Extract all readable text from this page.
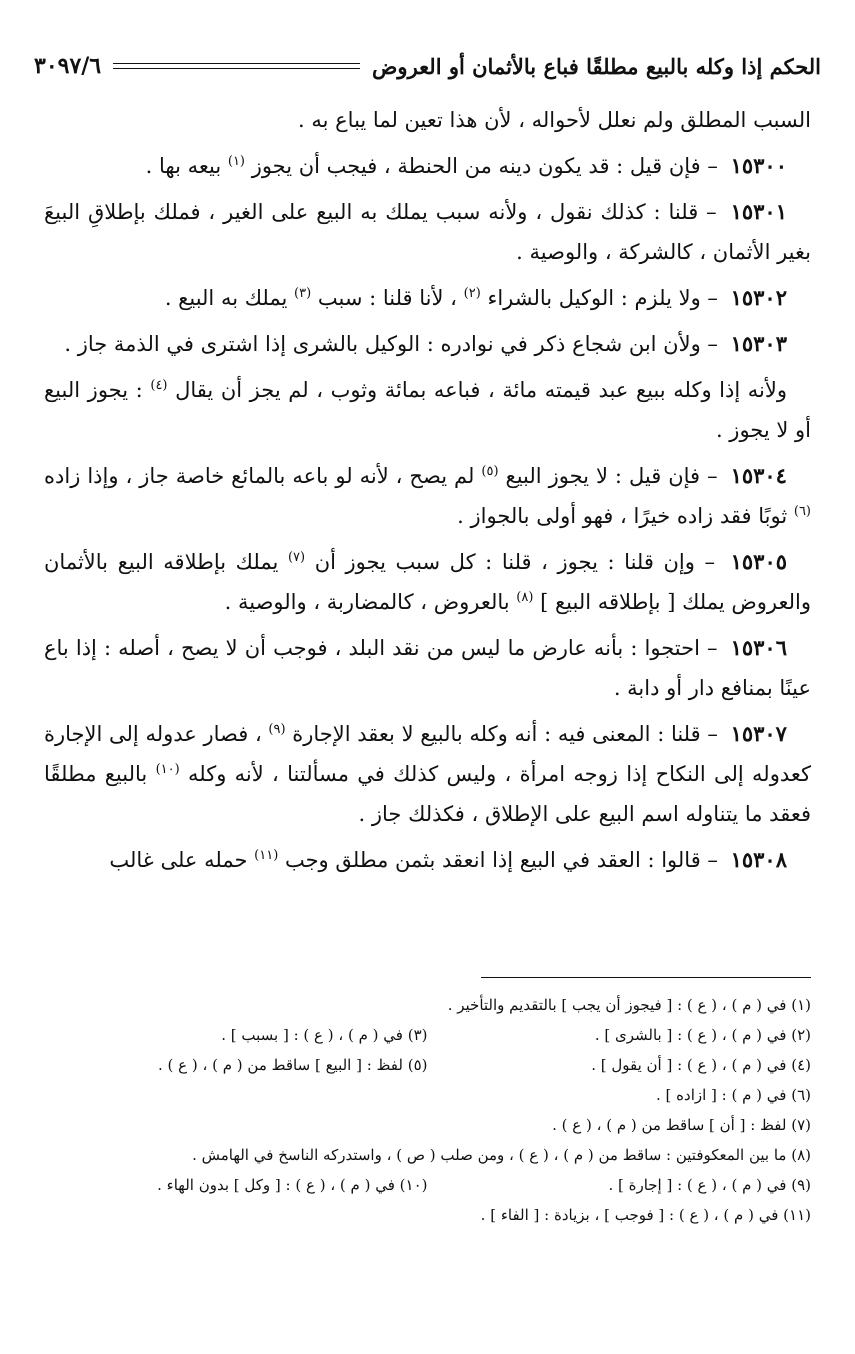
الحكم إذا وكله بالبيع مطلقًا فباع بالأثمان أو العروض
٣٠٩٧/٦

السبب المطلق ولم نعلل لأحواله ، لأن هذا تعين لما يباع به .

١٥٣٠٠ – فإن قيل : قد يكون دينه من الحنطة ، فيجب أن يجوز $^{(١)}$ بيعه بها .

١٥٣٠١ – قلنا : كذلك نقول ، ولأنه سبب يملك به البيع على الغير ، فملك بإطلاقِ البيعَ بغير الأثمان ، كالشركة ، والوصية .

١٥٣٠٢ – ولا يلزم : الوكيل بالشراء $^{(٢)}$ ، لأنا قلنا : سبب $^{(٣)}$ يملك به البيع .

١٥٣٠٣ – ولأن ابن شجاع ذكر في نوادره : الوكيل بالشرى إذا اشترى في الذمة جاز .

ولأنه إذا وكله ببيع عبد قيمته مائة ، فباعه بمائة وثوب ، لم يجز أن يقال $^{(٤)}$ : يجوز البيع أو لا يجوز .

١٥٣٠٤ – فإن قيل : لا يجوز البيع $^{(٥)}$ لم يصح ، لأنه لو باعه بالمائع خاصة جاز ، وإذا زاده $^{(٦)}$ ثوبًا فقد زاده خيرًا ، فهو أولى بالجواز .

١٥٣٠٥ – وإن قلنا : يجوز ، قلنا : كل سبب يجوز أن $^{(٧)}$ يملك بإطلاقه البيع بالأثمان والعروض يملك [ بإطلاقه البيع ] $^{(٨)}$ بالعروض ، كالمضاربة ، والوصية .

١٥٣٠٦ – احتجوا : بأنه عارض ما ليس من نقد البلد ، فوجب أن لا يصح ، أصله : إذا باع عينًا بمنافع دار أو دابة .

١٥٣٠٧ – قلنا : المعنى فيه : أنه وكله بالبيع لا بعقد الإجارة $^{(٩)}$ ، فصار عدوله إلى الإجارة كعدوله إلى النكاح إذا زوجه امرأة ، وليس كذلك في مسألتنا ، لأنه وكله $^{(١٠)}$ بالبيع مطلقًا فعقد ما يتناوله اسم البيع على الإطلاق ، فكذلك جاز .

١٥٣٠٨ – قالوا : العقد في البيع إذا انعقد بثمن مطلق وجب $^{(١١)}$ حمله على غالب

(١) في ( م ) ، ( ع ) : [ فيجوز أن يجب ] بالتقديم والتأخير .
(٢) في ( م ) ، ( ع ) : [ بالشرى ] .
(٣) في ( م ) ، ( ع ) : [ بسبب ] .
(٤) في ( م ) ، ( ع ) : [ أن يقول ] .
(٥) لفظ : [ البيع ] ساقط من ( م ) ، ( ع ) .
(٦) في ( م ) : [ ازاده ] .
(٧) لفظ : [ أن ] ساقط من ( م ) ، ( ع ) .
(٨) ما بين المعكوفتين : ساقط من ( م ) ، ( ع ) ، ومن صلب ( ص ) ، واستدركه الناسخ في الهامش .
(٩) في ( م ) ، ( ع ) : [ إجارة ] .
(١٠) في ( م ) ، ( ع ) : [ وكل ] بدون الهاء .
(١١) في ( م ) ، ( ع ) : [ فوجب ] ، بزيادة : [ الفاء ] .
